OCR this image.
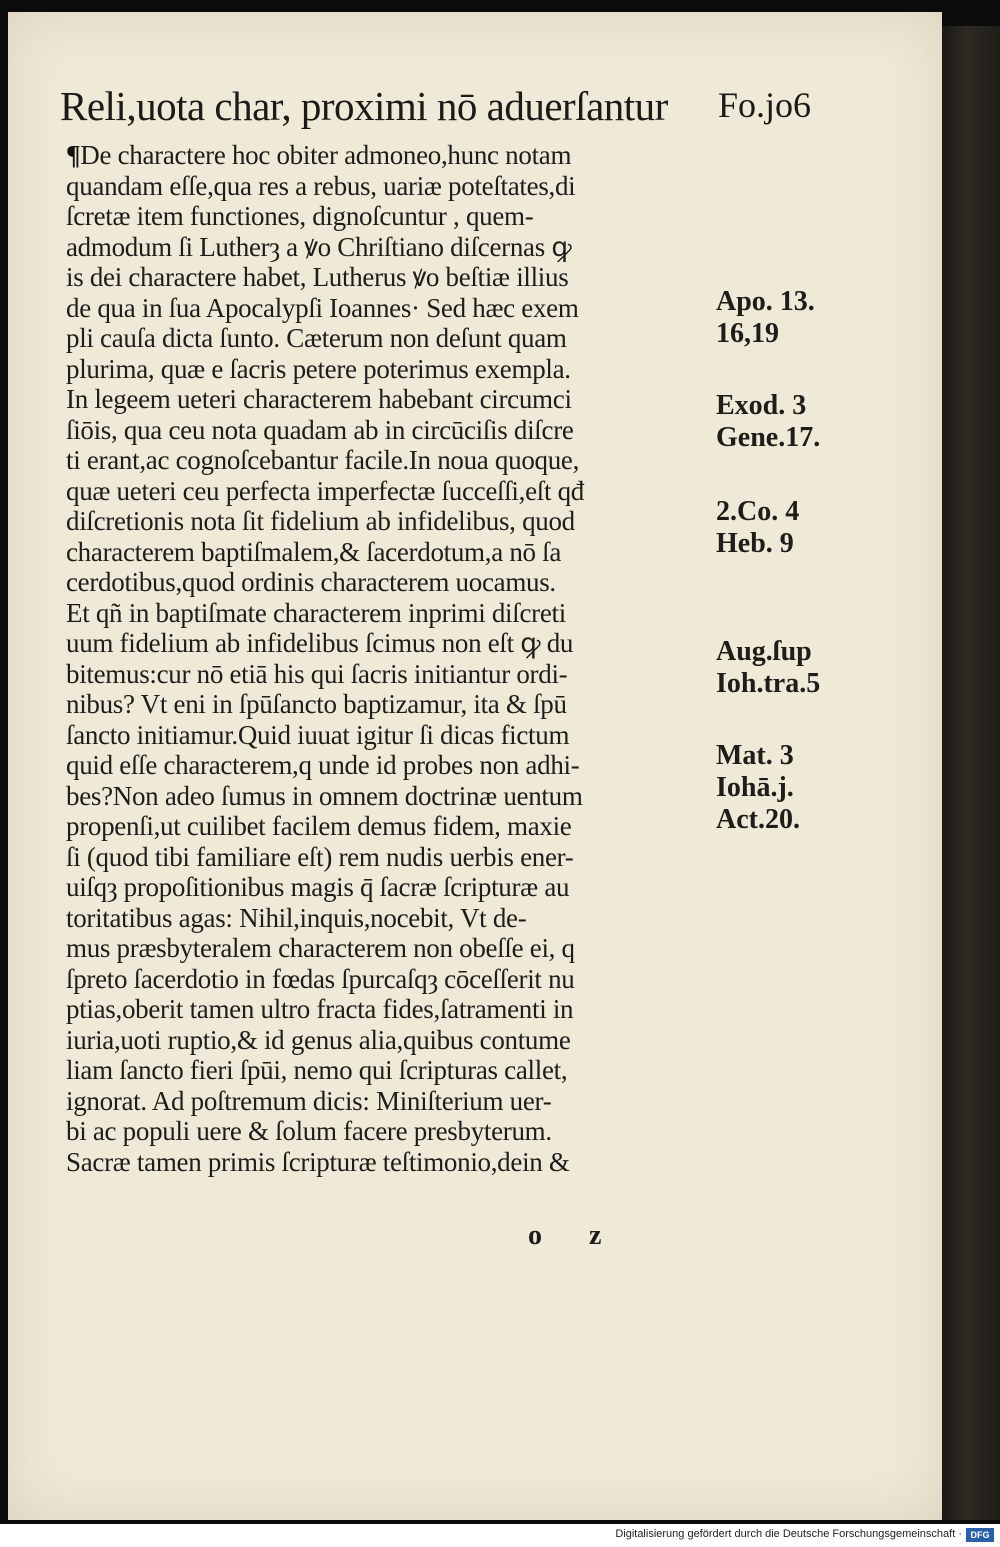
Reli,uota char, proximi nō aduerſantur Fo.jo6
¶De charactere hoc obiter admoneo,hunc notam
quandam eſſe,qua res a rebus, uariæ poteſtates,di
ſcretæ item functiones, dignoſcuntur , quem-
admodum ſi Lutherȝ a ꝟo Chriſtiano diſcernas ꝙ
is dei charactere habet, Lutherus ꝟo beſtiæ illius
de qua in ſua Apocalypſi Ioannes· Sed hæc exem
pli cauſa dicta ſunto. Cæterum non deſunt quam
plurima, quæ e ſacris petere poterimus exempla.
In legeem ueteri characterem habebant circumci
ſiōis, qua ceu nota quadam ab in circūciſis diſcre
ti erant,ac cognoſcebantur facile.In noua quoque,
quæ ueteri ceu perfecta imperfectæ ſucceſſi,eſt qđ
diſcretionis nota ſit fidelium ab infidelibus, quod
characterem baptiſmalem,& ſacerdotum,a nō ſa
cerdotibus,quod ordinis characterem uocamus.
Et qñ in baptiſmate characterem inprimi diſcreti
uum fidelium ab infidelibus ſcimus non eſt ꝙ du
bitemus:cur nō etiā his qui ſacris initiantur ordi-
nibus? Vt eni in ſpūſancto baptizamur, ita & ſpū
ſancto initiamur.Quid iuuat igitur ſi dicas fictum
quid eſſe characterem,q unde id probes non adhi-
bes?Non adeo ſumus in omnem doctrinæ uentum
propenſi,ut cuilibet facilem demus fidem, maxie
ſi (quod tibi familiare eſt) rem nudis uerbis ener-
uiſqȝ propoſitionibus magis q̄ ſacræ ſcripturæ au
toritatibus agas: Nihil,inquis,nocebit, Vt de-
mus præsbyteralem characterem non obeſſe ei, q
ſpreto ſacerdotio in fœdas ſpurcaſqȝ cōceſſerit nu
ptias,oberit tamen ultro fracta fides,ſatramenti in
iuria,uoti ruptio,& id genus alia,quibus contume
liam ſancto fieri ſpūi, nemo qui ſcripturas callet,
ignorat. Ad poſtremum dicis: Miniſterium uer-
bi ac populi uere & ſolum facere presbyterum.
Sacræ tamen primis ſcripturæ teſtimonio,dein &
o z
Apo. 13.
16,19
Exod. 3
Gene.17.
2.Co. 4
Heb. 9
Aug.ſup
Ioh.tra.5
Mat. 3
Iohā.j.
Act.20.
Digitalisierung gefördert durch die Deutsche Forschungsgemeinschaft · DFG
